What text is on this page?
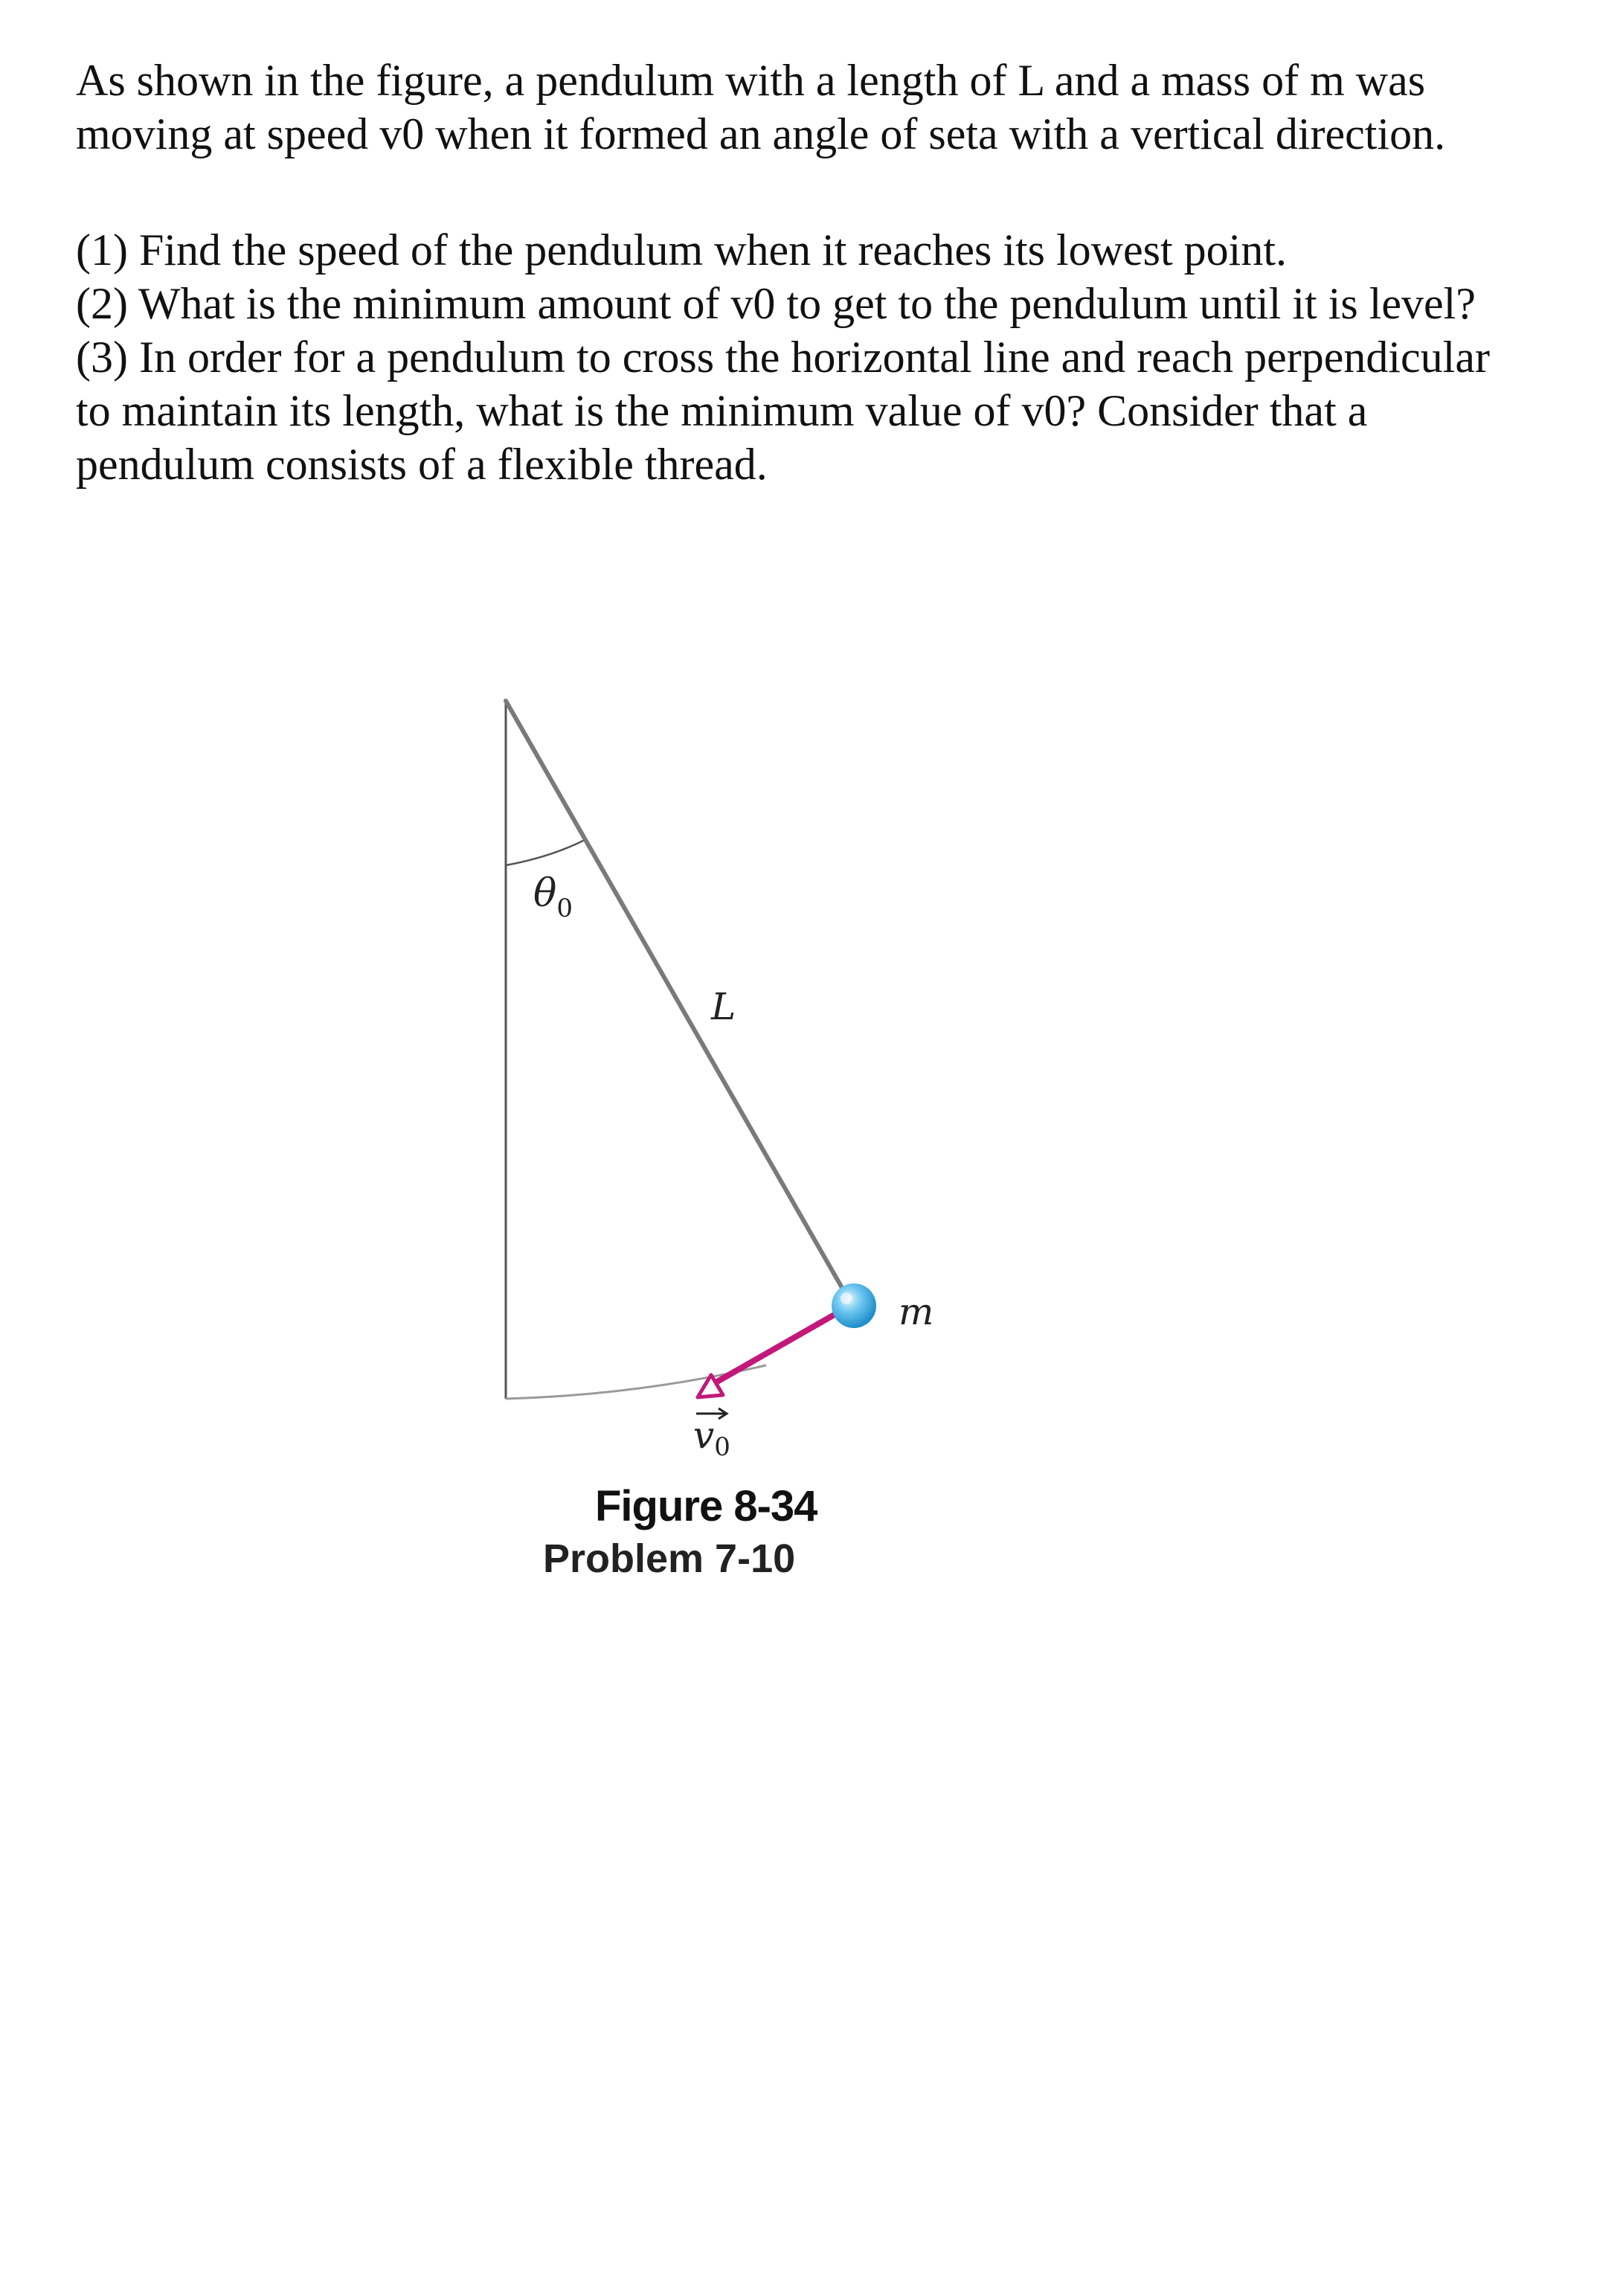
As shown in the figure, a pendulum with a length of L and a mass of m was moving at speed v0 when it formed an angle of seta with a vertical direction.

(1) Find the speed of the pendulum when it reaches its lowest point.

(2) What is the minimum amount of v0 to get to the pendulum until it is level?

(3) In order for a pendulum to cross the horizontal line and reach perpendicular to maintain its length, what is the minimum value of v0? Consider that a pendulum consists of a flexible thread.

$\theta_0$
L
m
$v_0$
Figure 8-34
Problem 7-10
